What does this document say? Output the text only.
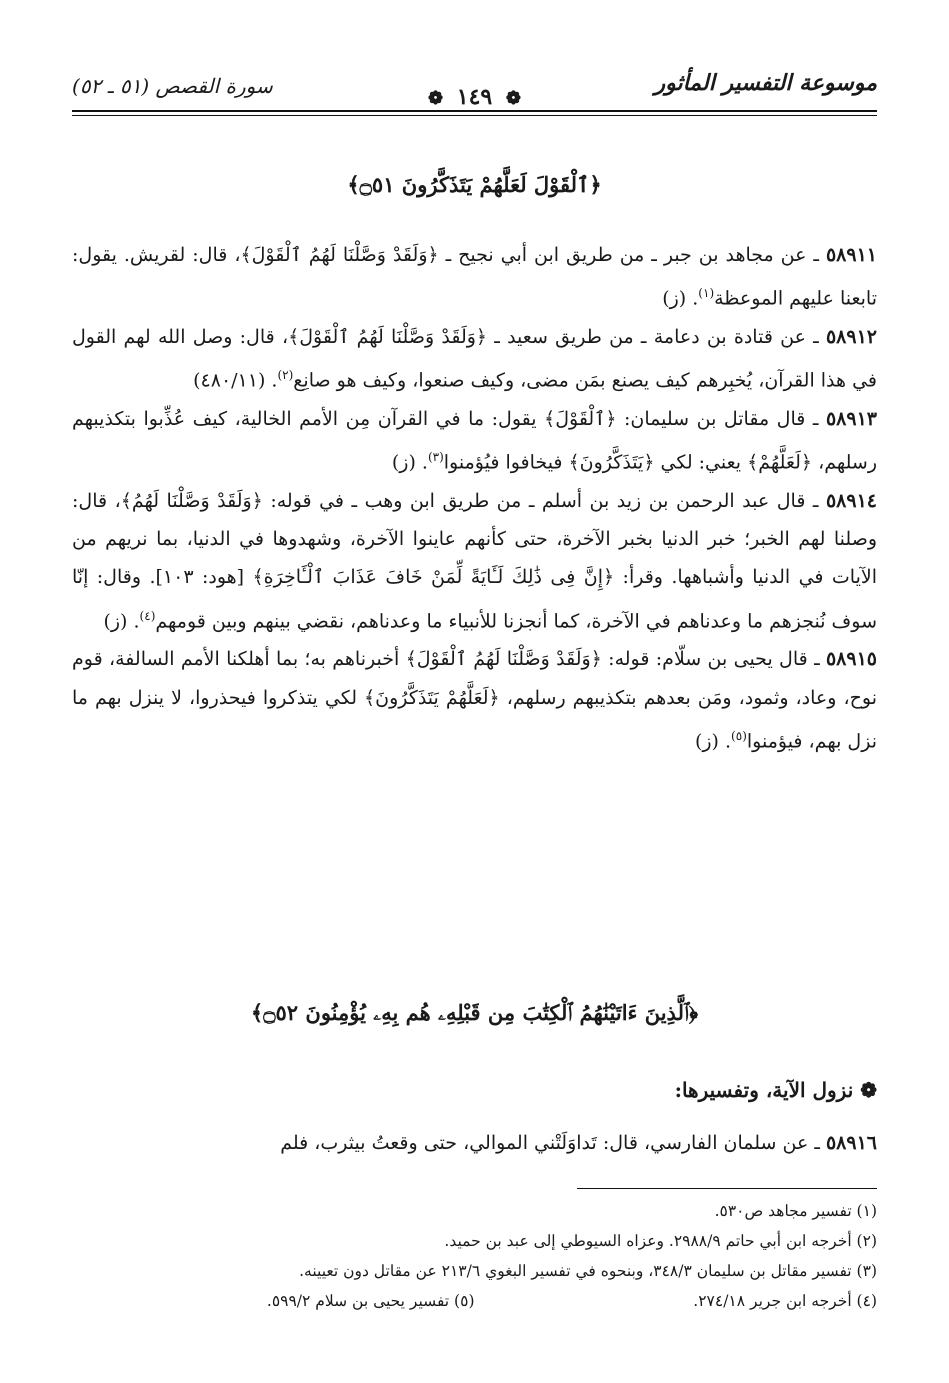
موسوعة التفسير المأثور
❁ ١٤٩ ❁
سورة القصص (٥١ ـ ٥٢)
﴿ٱلْقَوْلَ لَعَلَّهُمْ يَتَذَكَّرُونَ ۝٥١﴾

٥٨٩١١ ـ عن مجاهد بن جبر ـ من طريق ابن أبي نجيح ـ ﴿وَلَقَدْ وَصَّلْنَا لَهُمُ ٱلْقَوْلَ﴾، قال: لقريش. يقول: تابعنا عليهم الموعظة$^{(١)}$. (ز)

٥٨٩١٢ ـ عن قتادة بن دعامة ـ من طريق سعيد ـ ﴿وَلَقَدْ وَصَّلْنَا لَهُمُ ٱلْقَوْلَ﴾، قال: وصل الله لهم القول في هذا القرآن، يُخبِرهم كيف يصنع بمَن مضى، وكيف صنعوا، وكيف هو صانِع$^{(٢)}$. (٤٨٠/١١)

٥٨٩١٣ ـ قال مقاتل بن سليمان: ﴿ٱلْقَوْلَ﴾ يقول: ما في القرآن مِن الأمم الخالية، كيف عُذِّبوا بتكذيبهم رسلهم، ﴿لَعَلَّهُمْ﴾ يعني: لكي ﴿يَتَذَكَّرُونَ﴾ فيخافوا فيُؤمنوا$^{(٣)}$. (ز)

٥٨٩١٤ ـ قال عبد الرحمن بن زيد بن أسلم ـ من طريق ابن وهب ـ في قوله: ﴿وَلَقَدْ وَصَّلْنَا لَهُمُ﴾، قال: وصلنا لهم الخبر؛ خبر الدنيا بخبر الآخرة، حتى كأنهم عاينوا الآخرة، وشهدوها في الدنيا، بما نريهم من الآيات في الدنيا وأشباهها. وقرأ: ﴿إِنَّ فِى ذَٰلِكَ لَـَٔايَةً لِّمَنْ خَافَ عَذَابَ ٱلْـَٔاخِرَةِ﴾ [هود: ١٠٣]. وقال: إنّا سوف نُنجزهم ما وعدناهم في الآخرة، كما أنجزنا للأنبياء ما وعدناهم، نقضي بينهم وبين قومهم$^{(٤)}$. (ز)

٥٨٩١٥ ـ قال يحيى بن سلّام: قوله: ﴿وَلَقَدْ وَصَّلْنَا لَهُمُ ٱلْقَوْلَ﴾ أخبرناهم به؛ بما أهلكنا الأمم السالفة، قوم نوح، وعاد، وثمود، ومَن بعدهم بتكذيبهم رسلهم، ﴿لَعَلَّهُمْ يَتَذَكَّرُونَ﴾ لكي يتذكروا فيحذروا، لا ينزل بهم ما نزل بهم، فيؤمنوا$^{(٥)}$. (ز)

﴿ٱلَّذِينَ ءَاتَيْنَٰهُمُ ٱلْكِتَٰبَ مِن قَبْلِهِۦ هُم بِهِۦ يُؤْمِنُونَ ۝٥٢﴾
❁ نزول الآية، وتفسيرها:

٥٨٩١٦ ـ عن سلمان الفارسي، قال: تَداوَلَتْني الموالي، حتى وقعتُ بيثرب، فلم

(١) تفسير مجاهد ص٥٣٠.

(٢) أخرجه ابن أبي حاتم ٢٩٨٨/٩. وعزاه السيوطي إلى عبد بن حميد.

(٣) تفسير مقاتل بن سليمان ٣٤٨/٣، وبنحوه في تفسير البغوي ٢١٣/٦ عن مقاتل دون تعيينه.

(٤) أخرجه ابن جرير ٢٧٤/١٨.

(٥) تفسير يحيى بن سلام ٥٩٩/٢.
